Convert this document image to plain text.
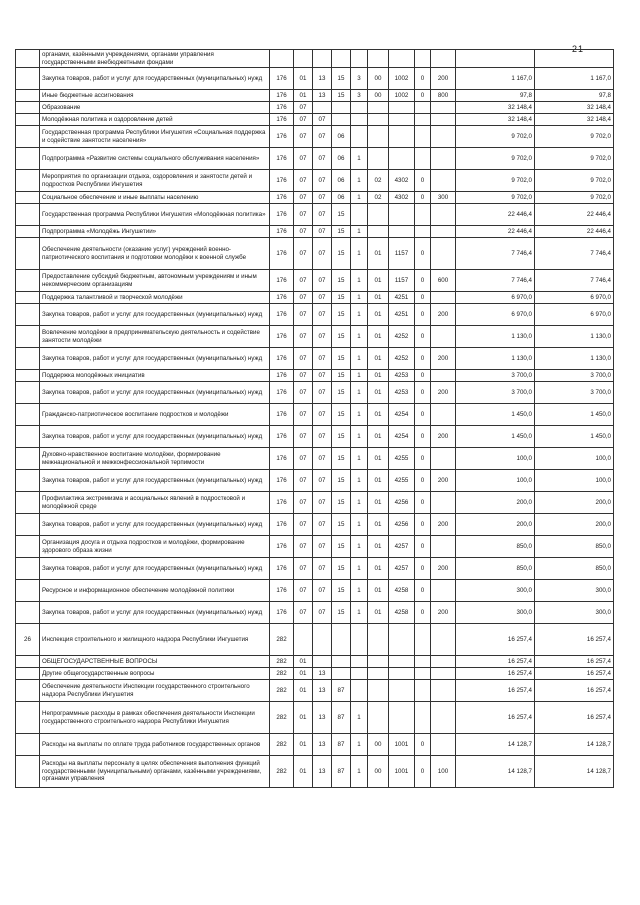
21
	органами, казёнными учреждениями, органами управления государственными внебюджетными фондами											
	Закупка товаров, работ и услуг для государственных (муниципальных) нужд	176	01	13	15	3	00	1002	0	200	1 167,0	1 167,0
	Иные бюджетные ассигнования	176	01	13	15	3	00	1002	0	800	97,8	97,8
	Образование	176	07								32 148,4	32 148,4
	Молодёжная политика и оздоровление детей	176	07	07							32 148,4	32 148,4
	Государственная программа Республики Ингушетия «Социальная поддержка и содействие занятости населения»	176	07	07	06						9 702,0	9 702,0
	Подпрограмма «Развитие системы социального обслуживания населения»	176	07	07	06	1					9 702,0	9 702,0
	Мероприятия по организации отдыха, оздоровления и занятости детей и подростков Республики Ингушетия	176	07	07	06	1	02	4302	0		9 702,0	9 702,0
	Социальное обеспечение и иные выплаты населению	176	07	07	06	1	02	4302	0	300	9 702,0	9 702,0
	Государственная программа Республики Ингушетия «Молодёжная политика»	176	07	07	15						22 446,4	22 446,4
	Подпрограмма «Молодёжь Ингушетии»	176	07	07	15	1					22 446,4	22 446,4
	Обеспечение деятельности (оказание услуг) учреждений военно-патриотического воспитания и подготовки молодёжи к военной службе	176	07	07	15	1	01	1157	0		7 746,4	7 746,4
	Предоставление субсидий бюджетным, автономным учреждениям и иным некоммерческим организациям	176	07	07	15	1	01	1157	0	600	7 746,4	7 746,4
	Поддержка талантливой и творческой молодёжи	176	07	07	15	1	01	4251	0		6 970,0	6 970,0
	Закупка товаров, работ и услуг для государственных (муниципальных) нужд	176	07	07	15	1	01	4251	0	200	6 970,0	6 970,0
	Вовлечение молодёжи в предпринимательскую деятельность и содействие занятости молодёжи	176	07	07	15	1	01	4252	0		1 130,0	1 130,0
	Закупка товаров, работ и услуг для государственных (муниципальных) нужд	176	07	07	15	1	01	4252	0	200	1 130,0	1 130,0
	Поддержка молодёжных инициатив	176	07	07	15	1	01	4253	0		3 700,0	3 700,0
	Закупка товаров, работ и услуг для государственных (муниципальных) нужд	176	07	07	15	1	01	4253	0	200	3 700,0	3 700,0
	Гражданско-патриотическое воспитание подростков и молодёжи	176	07	07	15	1	01	4254	0		1 450,0	1 450,0
	Закупка товаров, работ и услуг для государственных (муниципальных) нужд	176	07	07	15	1	01	4254	0	200	1 450,0	1 450,0
	Духовно-нравственное воспитание молодёжи, формирование межнациональной и межконфессиональной терпимости	176	07	07	15	1	01	4255	0		100,0	100,0
	Закупка товаров, работ и услуг для государственных (муниципальных) нужд	176	07	07	15	1	01	4255	0	200	100,0	100,0
	Профилактика экстремизма и асоциальных явлений в подростковой и молодёжной среде	176	07	07	15	1	01	4256	0		200,0	200,0
	Закупка товаров, работ и услуг для государственных (муниципальных) нужд	176	07	07	15	1	01	4256	0	200	200,0	200,0
	Организация досуга и отдыха подростков и молодёжи, формирование здорового образа жизни	176	07	07	15	1	01	4257	0		850,0	850,0
	Закупка товаров, работ и услуг для государственных (муниципальных) нужд	176	07	07	15	1	01	4257	0	200	850,0	850,0
	Ресурсное и информационное обеспечение молодёжной политики	176	07	07	15	1	01	4258	0		300,0	300,0
	Закупка товаров, работ и услуг для государственных (муниципальных) нужд	176	07	07	15	1	01	4258	0	200	300,0	300,0
26	Инспекция строительного и жилищного надзора Республики Ингушетия	282									16 257,4	16 257,4
	ОБЩЕГОСУДАРСТВЕННЫЕ ВОПРОСЫ	282	01								16 257,4	16 257,4
	Другие общегосударственные вопросы	282	01	13							16 257,4	16 257,4
	Обеспечение деятельности Инспекции государственного строительного надзора Республики Ингушетия	282	01	13	87						16 257,4	16 257,4
	Непрограммные расходы в рамках обеспечения деятельности Инспекции государственного строительного надзора Республики Ингушетия	282	01	13	87	1					16 257,4	16 257,4
	Расходы на выплаты по оплате труда работников государственных органов	282	01	13	87	1	00	1001	0		14 128,7	14 128,7
	Расходы на выплаты персоналу в целях обеспечения выполнения функций государственными (муниципальными) органами, казёнными учреждениями, органами управления	282	01	13	87	1	00	1001	0	100	14 128,7	14 128,7
